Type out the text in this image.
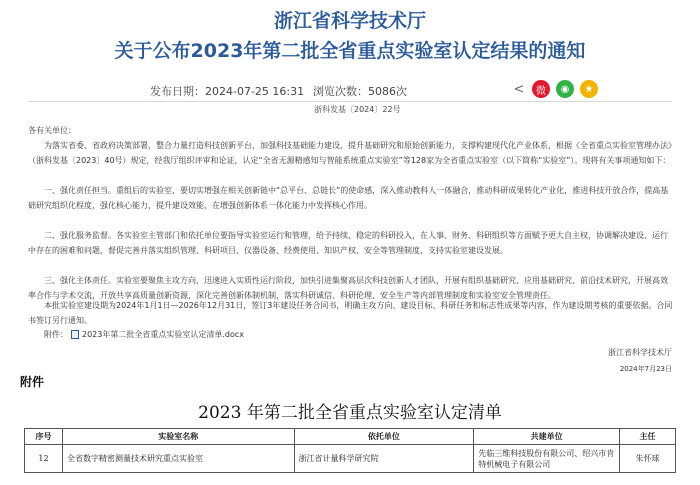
浙江省科学技术厅
关于公布2023年第二批全省重点实验室认定结果的通知
发布日期：2024-07-25 16:31 浏览次数：5086次	<	微	◉	★
浙科发基〔2024〕22号
各有关单位：
为落实省委、省政府决策部署，整合力量打造科技创新平台，加强科技基础能力建设，提升基础研究和原始创新能力，支撑构建现代化产业体系，根据《全省重点实验室管理办法》（浙科发基〔2023〕40号）规定，经我厅组织评审和论证，认定“全省无源精感知与智能系统重点实验室”等128家为全省重点实验室（以下简称“实验室”）。现将有关事项通知如下：
一、强化责任担当。重组后的实验室，要切实增强在相关创新链中“总平台、总链长”的使命感，深入推动教科人一体融合，推动科研成果转化产业化，推进科技开放合作，提高基础研究组织化程度，强化核心能力，提升建设效能，在增强创新体系一体化能力中发挥核心作用。
二、强化服务监督。各实验室主管部门和依托单位要指导实验室运行和管理，给予持续、稳定的科研投入，在人事、财务、科研组织等方面赋予更大自主权，协调解决建设、运行中存在的困难和问题，督促完善并落实组织管理、科研项目、仪器设备、经费使用、知识产权、安全等管理制度，支持实验室建设发展。
三、强化主体责任。实验室要聚焦主攻方向，迅速进入实质性运行阶段，加快引进集聚高层次科技创新人才团队，开展有组织基础研究、应用基础研究、前沿技术研究，开展高效率合作与学术交流，开放共享高质量创新资源，深化完善创新体制机制，落实科研诚信、科研伦理、安全生产等内部管理制度和实验室安全管理责任。
本批实验室建设期为2024年1月1日—2026年12月31日，签订3年建设任务合同书，明确主攻方向、建设目标、科研任务和标志性成果等内容，作为建设期考核的重要依据。合同书签订另行通知。
附件： 2023年第二批全省重点实验室认定清单.docx
浙江省科学技术厅
2024年7月23日
附件
2023 年第二批全省重点实验室认定清单
序号	实验室名称	依托单位	共建单位	主任
12	全省数字精密测量技术研究重点实验室	浙江省计量科学研究院	先临三维科技股份有限公司、绍兴市肯特机械电子有限公司	朱怀球
